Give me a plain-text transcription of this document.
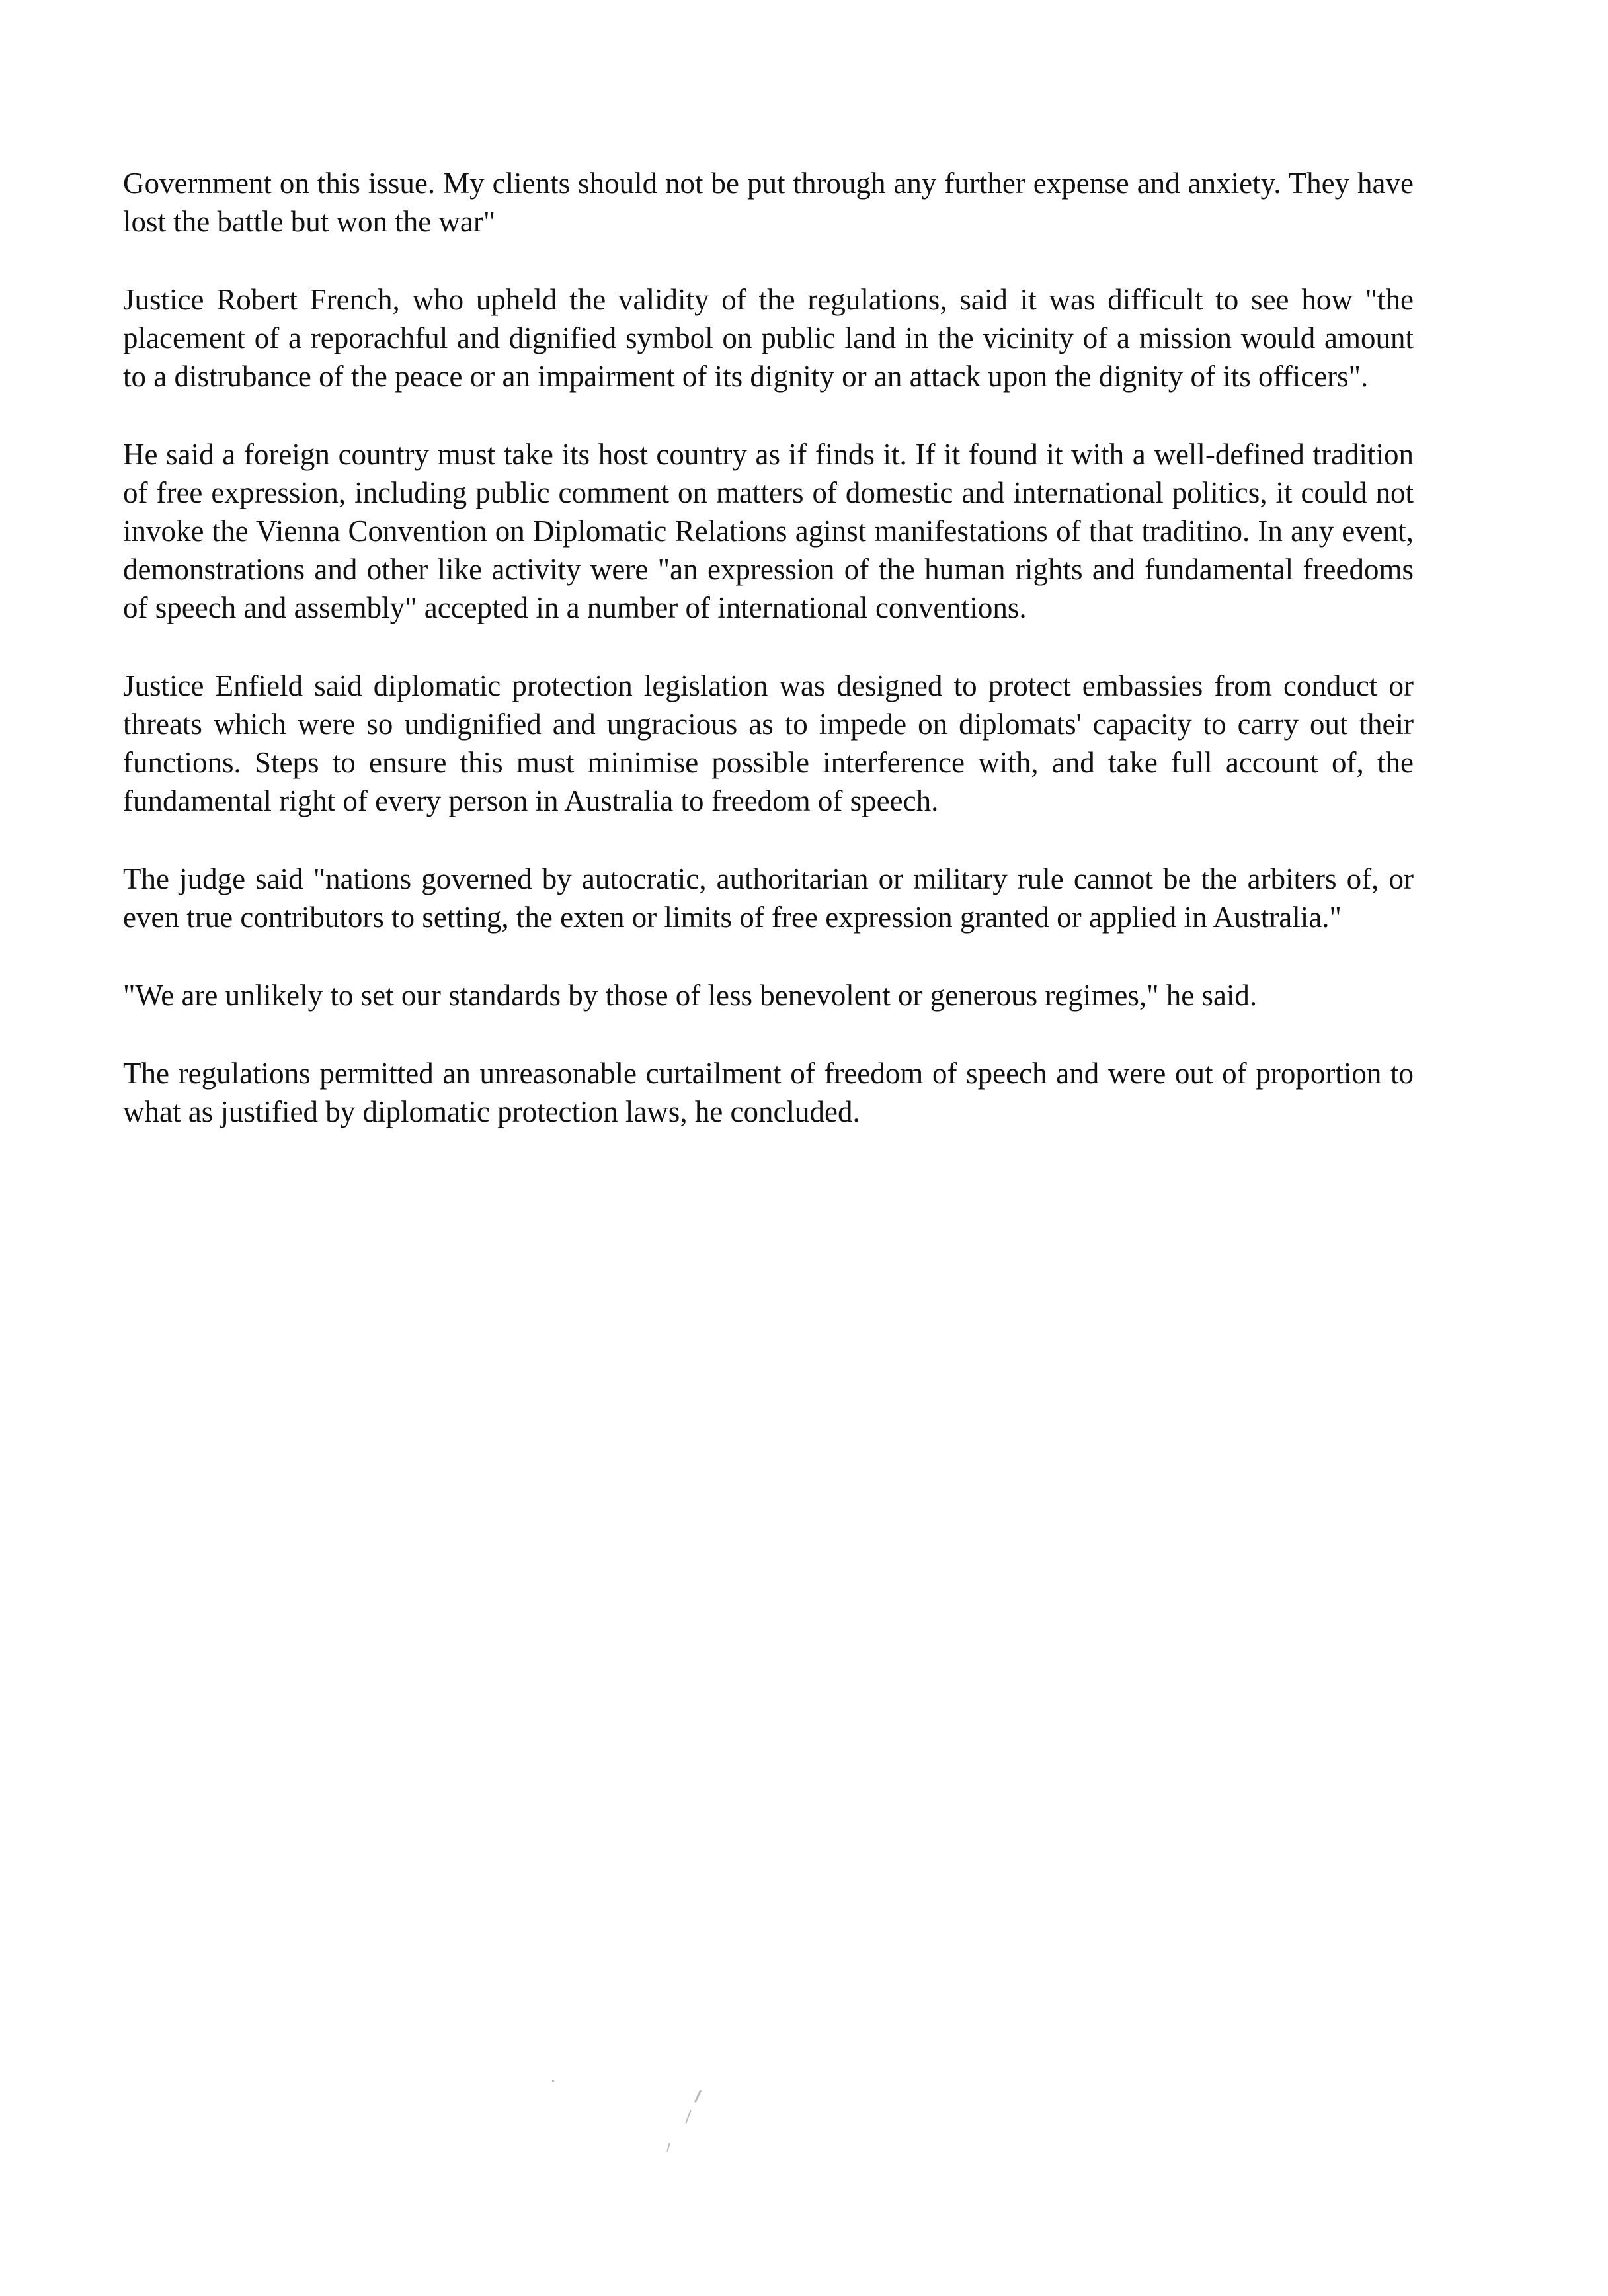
Government on this issue. My clients should not be put through any further expense and anxiety. They have lost the battle but won the war"

Justice Robert French, who upheld the validity of the regulations, said it was difficult to see how "the placement of a reporachful and dignified symbol on public land in the vicinity of a mission would amount to a distrubance of the peace or an impairment of its dignity or an attack upon the dignity of its officers".

He said a foreign country must take its host country as if finds it. If it found it with a well-defined tradition of free expression, including public comment on matters of domestic and international politics, it could not invoke the Vienna Convention on Diplomatic Relations aginst manifestations of that traditino. In any event, demonstrations and other like activity were "an expression of the human rights and fundamental freedoms of speech and assembly" accepted in a number of international conventions.

Justice Enfield said diplomatic protection legislation was designed to protect embassies from conduct or threats which were so undignified and ungracious as to impede on diplomats' capacity to carry out their functions. Steps to ensure this must minimise possible interference with, and take full account of, the fundamental right of every person in Australia to freedom of speech.

The judge said "nations governed by autocratic, authoritarian or military rule cannot be the arbiters of, or even true contributors to setting, the exten or limits of free expression granted or applied in Australia."

"We are unlikely to set our standards by those of less benevolent or generous regimes," he said.

The regulations permitted an unreasonable curtailment of freedom of speech and were out of proportion to what as justified by diplomatic protection laws, he concluded.
